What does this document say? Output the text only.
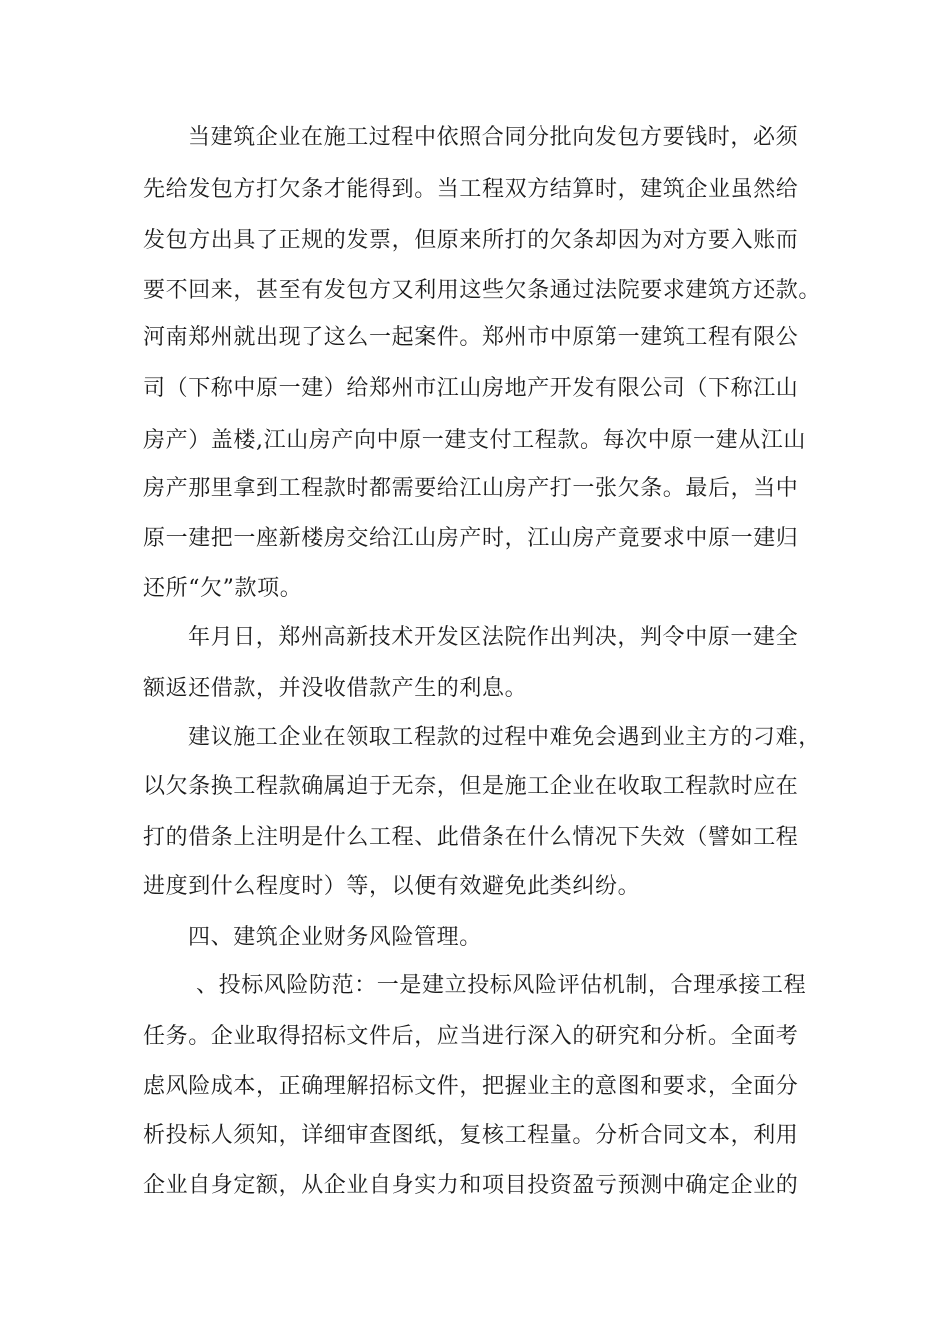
当建筑企业在施工过程中依照合同分批向发包方要钱时，必须
先给发包方打欠条才能得到。当工程双方结算时，建筑企业虽然给
发包方出具了正规的发票，但原来所打的欠条却因为对方要入账而
要不回来，甚至有发包方又利用这些欠条通过法院要求建筑方还款。
河南郑州就出现了这么一起案件。郑州市中原第一建筑工程有限公
司（下称中原一建）给郑州市江山房地产开发有限公司（下称江山
房产）盖楼,江山房产向中原一建支付工程款。每次中原一建从江山
房产那里拿到工程款时都需要给江山房产打一张欠条。最后，当中
原一建把一座新楼房交给江山房产时，江山房产竟要求中原一建归
还所“欠”款项。
年月日，郑州高新技术开发区法院作出判决，判令中原一建全
额返还借款，并没收借款产生的利息。
建议施工企业在领取工程款的过程中难免会遇到业主方的刁难，
以欠条换工程款确属迫于无奈，但是施工企业在收取工程款时应在
打的借条上注明是什么工程、此借条在什么情况下失效（譬如工程
进度到什么程度时）等，以便有效避免此类纠纷。
四、建筑企业财务风险管理。
、投标风险防范：一是建立投标风险评估机制，合理承接工程
任务。企业取得招标文件后，应当进行深入的研究和分析。全面考
虑风险成本，正确理解招标文件，把握业主的意图和要求，全面分
析投标人须知，详细审查图纸，复核工程量。分析合同文本，利用
企业自身定额，从企业自身实力和项目投资盈亏预测中确定企业的
